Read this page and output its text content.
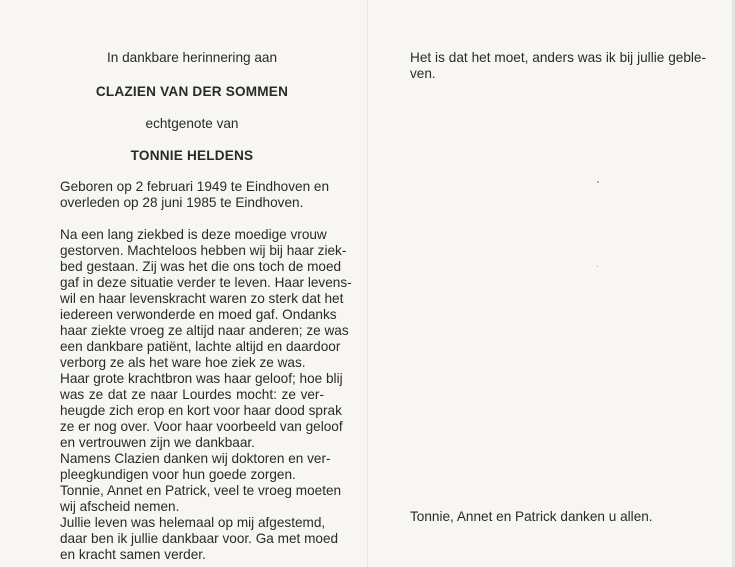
In dankbare herinnering aan
CLAZIEN VAN DER SOMMEN
echtgenote van
TONNIE HELDENS
Geboren op 2 februari 1949 te Eindhoven en
overleden op 28 juni 1985 te Eindhoven.
Na een lang ziekbed is deze moedige vrouw
gestorven. Machteloos hebben wij bij haar ziek-
bed gestaan. Zij was het die ons toch de moed
gaf in deze situatie verder te leven. Haar levens-
wil en haar levenskracht waren zo sterk dat het
iedereen verwonderde en moed gaf. Ondanks
haar ziekte vroeg ze altijd naar anderen; ze was
een dankbare patiënt, lachte altijd en daardoor
verborg ze als het ware hoe ziek ze was.
Haar grote krachtbron was haar geloof; hoe blij
was ze dat ze naar Lourdes mocht: ze ver-
heugde zich erop en kort voor haar dood sprak
ze er nog over. Voor haar voorbeeld van geloof
en vertrouwen zijn we dankbaar.
Namens Clazien danken wij doktoren en ver-
pleegkundigen voor hun goede zorgen.
Tonnie, Annet en Patrick, veel te vroeg moeten
wij afscheid nemen.
Jullie leven was helemaal op mij afgestemd,
daar ben ik jullie dankbaar voor. Ga met moed
en kracht samen verder.
Het is dat het moet, anders was ik bij jullie geble-
ven.
Tonnie, Annet en Patrick danken u allen.
